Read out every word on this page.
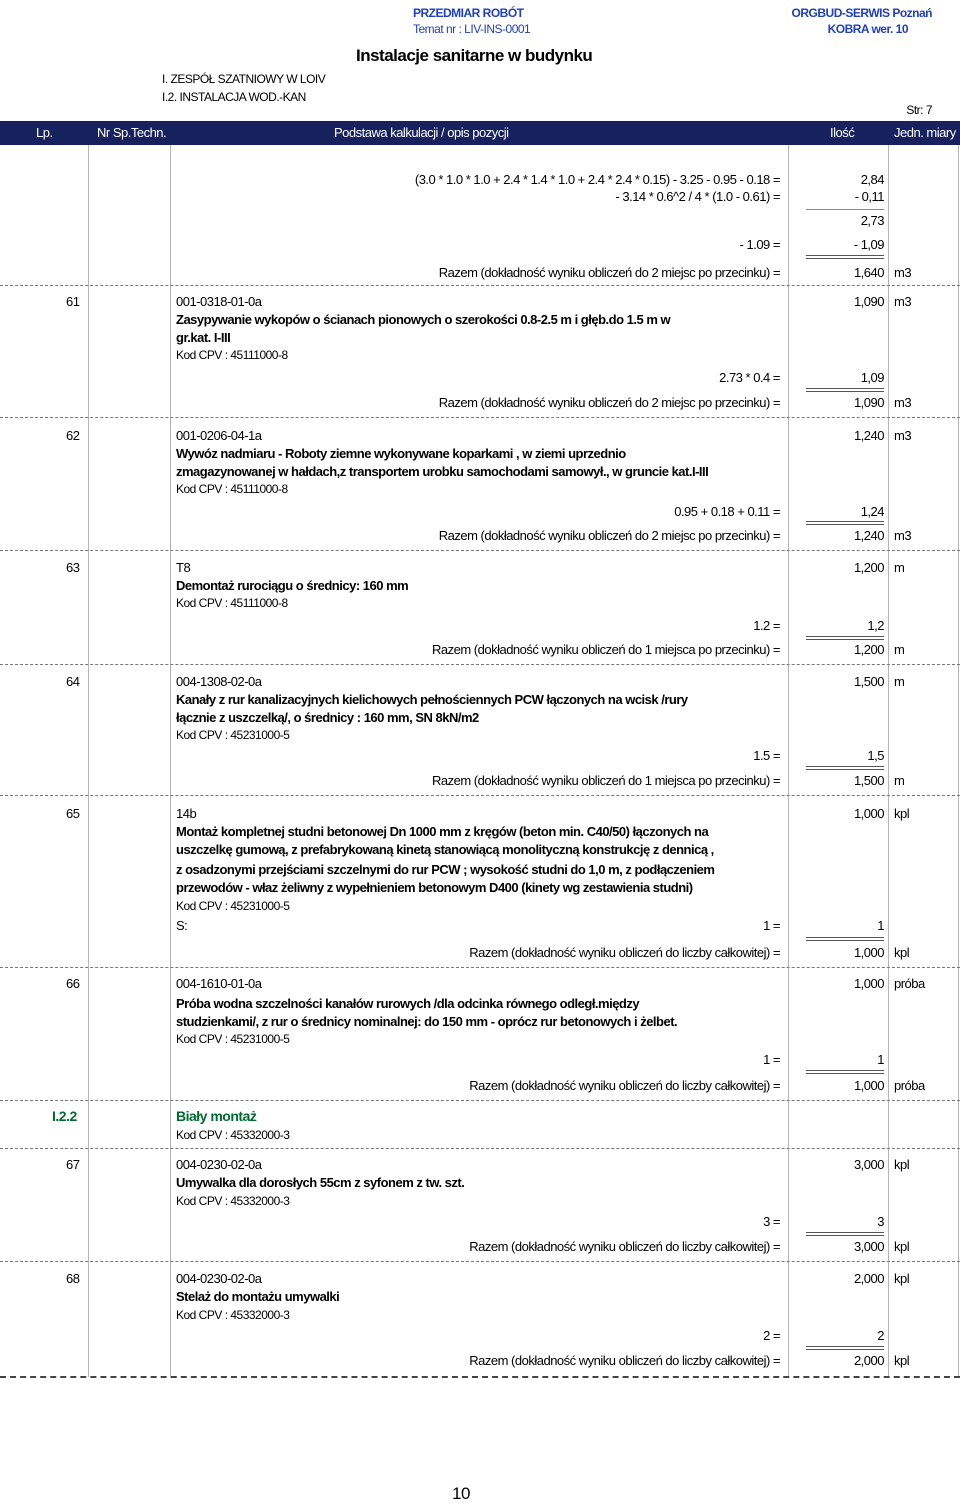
PRZEDMIAR ROBÓT
Temat nr : LIV-INS-0001
ORGBUD-SERWIS Poznań
KOBRA wer. 10
Instalacje sanitarne w budynku
I. ZESPÓŁ SZATNIOWY W LOIV
I.2. INSTALACJA WOD.-KAN
Str: 7
Lp.	Nr Sp.Techn.	Podstawa kalkulacji / opis pozycji	Ilość	Jedn. miary
(3.0 * 1.0 * 1.0 + 2.4 * 1.4 * 1.0 + 2.4 * 2.4 * 0.15) - 3.25 - 0.95 - 0.18 =	2,84
- 3.14 * 0.6^2 / 4 * (1.0 - 0.61) =	- 0,11
2,73
- 1.09 =	- 1,09
Razem (dokładność wyniku obliczeń do 2 miejsc po przecinku) =	1,640 m3
61	001-0318-01-0a	1,090 m3
Zasypywanie wykopów o ścianach pionowych o szerokości 0.8-2.5 m i głęb.do 1.5 m w
gr.kat. I-III
Kod CPV : 45111000-8
2.73 * 0.4 =	1,09
Razem (dokładność wyniku obliczeń do 2 miejsc po przecinku) =	1,090 m3
62	001-0206-04-1a	1,240 m3
Wywóz nadmiaru - Roboty ziemne wykonywane koparkami , w ziemi uprzednio
zmagazynowanej w hałdach,z transportem urobku samochodami samowył., w gruncie kat.I-III
Kod CPV : 45111000-8
0.95 + 0.18 + 0.11 =	1,24
Razem (dokładność wyniku obliczeń do 2 miejsc po przecinku) =	1,240 m3
63	T8	1,200 m
Demontaż rurociągu o średnicy: 160 mm
Kod CPV : 45111000-8
1.2 =	1,2
Razem (dokładność wyniku obliczeń do 1 miejsca po przecinku) =	1,200 m
64	004-1308-02-0a	1,500 m
Kanały z rur kanalizacyjnych kielichowych pełnościennych PCW łączonych na wcisk /rury
łącznie z uszczelką/, o średnicy : 160 mm, SN 8kN/m2
Kod CPV : 45231000-5
1.5 =	1,5
Razem (dokładność wyniku obliczeń do 1 miejsca po przecinku) =	1,500 m
65	14b	1,000 kpl
Montaż kompletnej studni betonowej Dn 1000 mm z kręgów (beton min. C40/50) łączonych na
uszczelkę gumową, z prefabrykowaną kinetą stanowiącą monolityczną konstrukcję z dennicą ,
z osadzonymi przejściami szczelnymi do rur PCW ; wysokość studni do 1,0 m, z podłączeniem
przewodów - właz żeliwny z wypełnieniem betonowym D400 (kinety wg zestawienia studni)
Kod CPV : 45231000-5
S:	1 =	1
Razem (dokładność wyniku obliczeń do liczby całkowitej) =	1,000 kpl
66	004-1610-01-0a	1,000 próba
Próba wodna szczelności kanałów rurowych /dla odcinka równego odległ.między
studzienkami/, z rur o średnicy nominalnej: do 150 mm - oprócz rur betonowych i żelbet.
Kod CPV : 45231000-5
1 =	1
Razem (dokładność wyniku obliczeń do liczby całkowitej) =	1,000 próba
I.2.2	Biały montaż
Kod CPV : 45332000-3
67	004-0230-02-0a	3,000 kpl
Umywalka dla dorosłych 55cm z syfonem z tw. szt.
Kod CPV : 45332000-3
3 =	3
Razem (dokładność wyniku obliczeń do liczby całkowitej) =	3,000 kpl
68	004-0230-02-0a	2,000 kpl
Stelaż do montażu umywalki
Kod CPV : 45332000-3
2 =	2
Razem (dokładność wyniku obliczeń do liczby całkowitej) =	2,000 kpl
10
